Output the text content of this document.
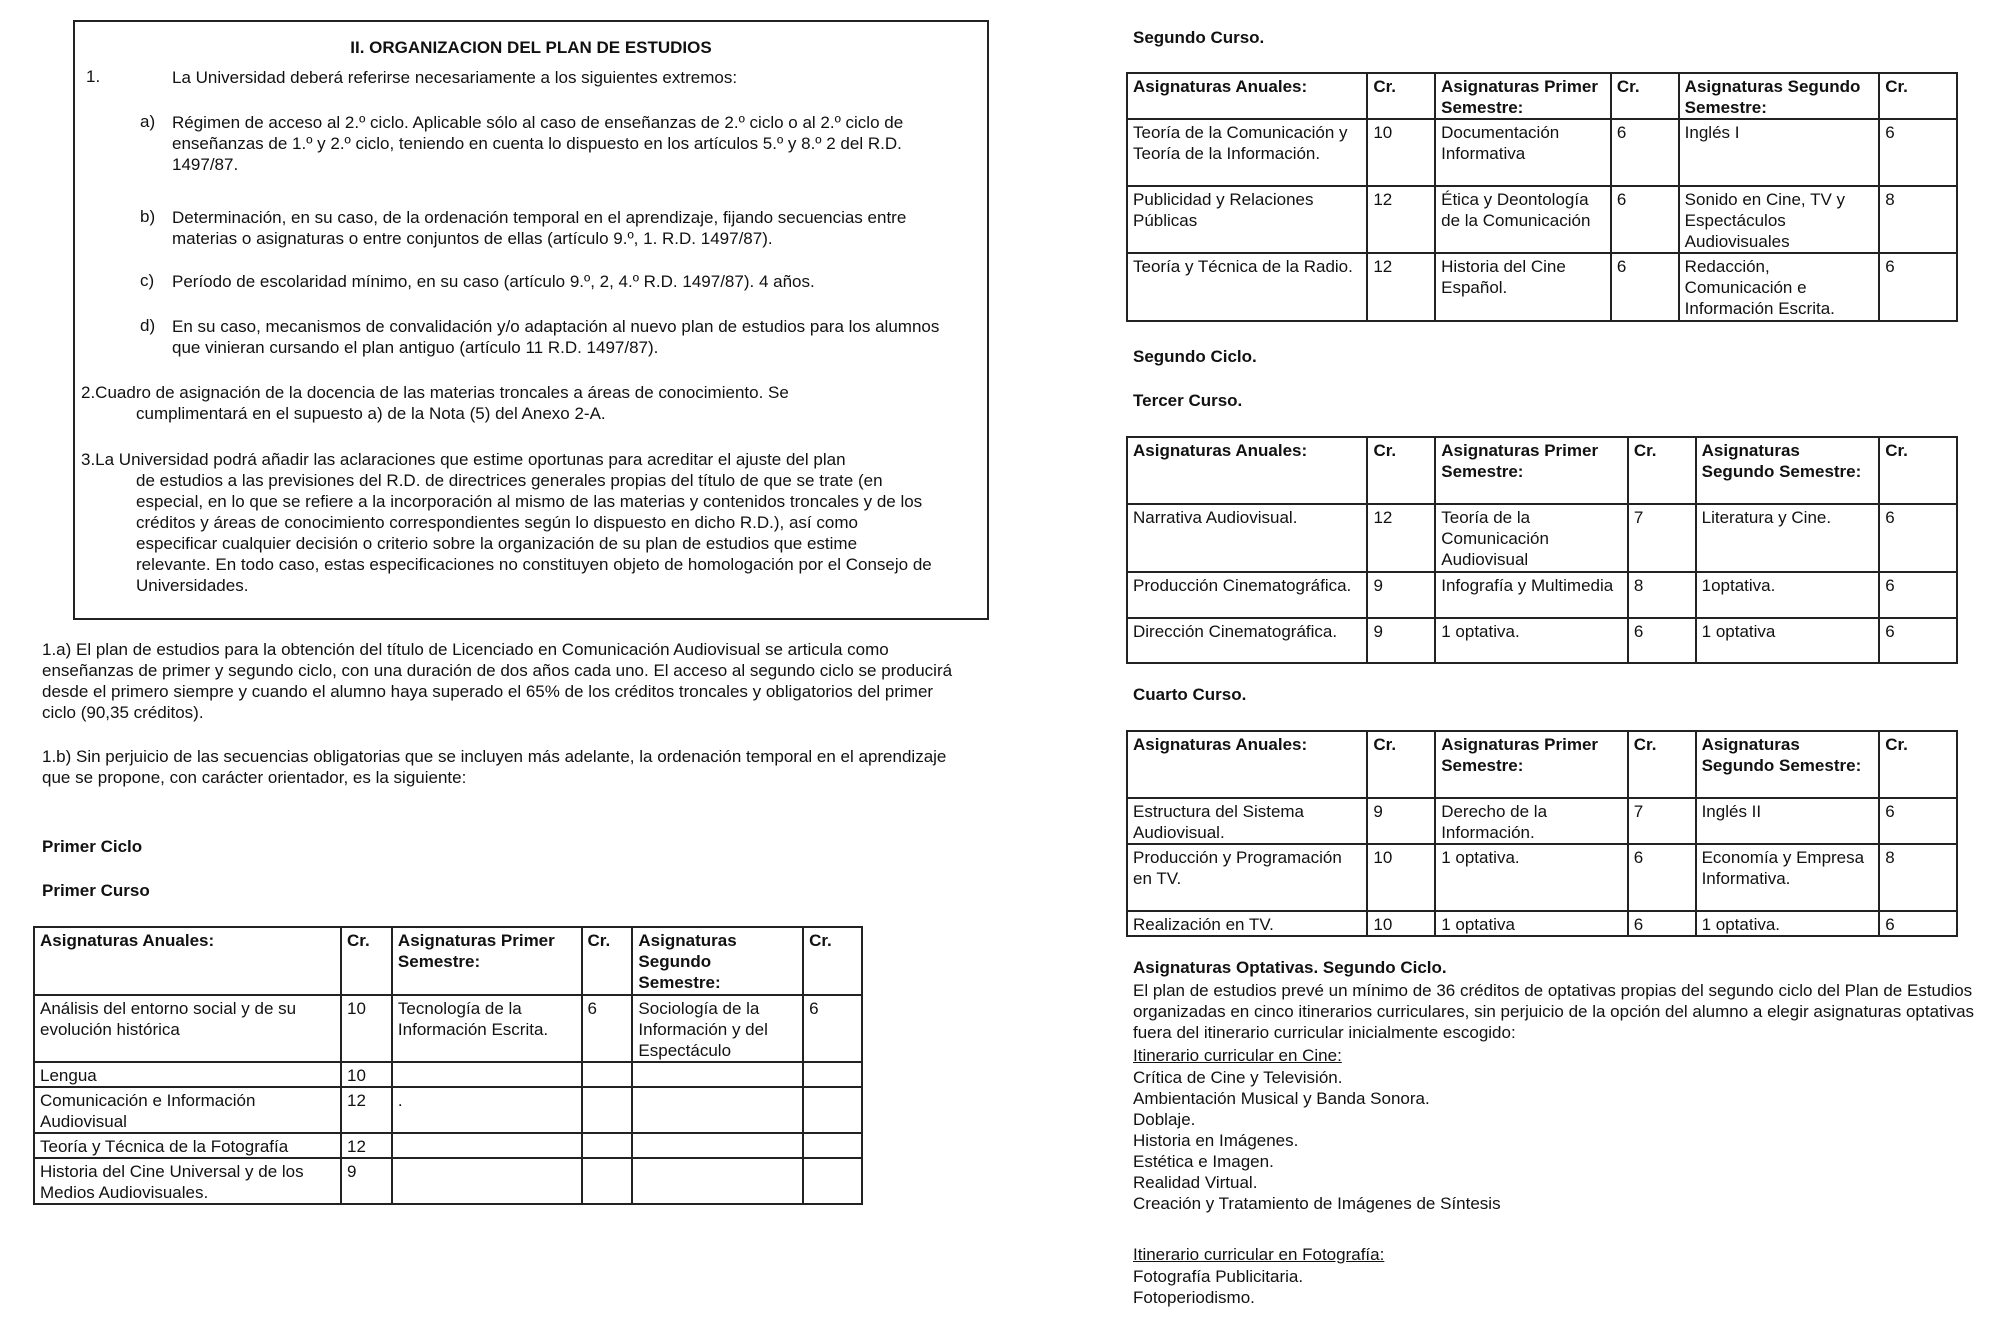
II. ORGANIZACION DEL PLAN DE ESTUDIOS
1.	La Universidad deberá referirse necesariamente a los siguientes extremos:
a) Régimen de acceso al 2.º ciclo. Aplicable sólo al caso de enseñanzas de 2.º ciclo o al 2.º ciclo de enseñanzas de 1.º y 2.º ciclo, teniendo en cuenta lo dispuesto en los artículos 5.º y 8.º 2 del R.D. 1497/87.
b) Determinación, en su caso, de la ordenación temporal en el aprendizaje, fijando secuencias entre materias o asignaturas o entre conjuntos de ellas (artículo 9.º, 1. R.D. 1497/87).
c) Período de escolaridad mínimo, en su caso (artículo 9.º, 2, 4.º R.D. 1497/87). 4 años.
d) En su caso, mecanismos de convalidación y/o adaptación al nuevo plan de estudios para los alumnos que vinieran cursando el plan antiguo (artículo 11 R.D. 1497/87).
2.Cuadro de asignación de la docencia de las materias troncales a áreas de conocimiento. Se
cumplimentará en el supuesto a) de la Nota (5) del Anexo 2-A.
3.La Universidad podrá añadir las aclaraciones que estime oportunas para acreditar el ajuste del plan
de estudios a las previsiones del R.D. de directrices generales propias del título de que se trate (en especial, en lo que se refiere a la incorporación al mismo de las materias y contenidos troncales y de los créditos y áreas de conocimiento correspondientes según lo dispuesto en dicho R.D.), así como especificar cualquier decisión o criterio sobre la organización de su plan de estudios que estime relevante. En todo caso, estas especificaciones no constituyen objeto de homologación por el Consejo de Universidades.
1.a) El plan de estudios para la obtención del título de Licenciado en Comunicación Audiovisual se articula como enseñanzas de primer y segundo ciclo, con una duración de dos años cada uno. El acceso al segundo ciclo se producirá desde el primero siempre y cuando el alumno haya superado el 65% de los créditos troncales y obligatorios del primer ciclo (90,35 créditos).
1.b) Sin perjuicio de las secuencias obligatorias que se incluyen más adelante, la ordenación temporal en el aprendizaje que se propone, con carácter orientador, es la siguiente:
Primer Ciclo
Primer Curso
Asignaturas Anuales:	Cr.	Asignaturas Primer Semestre:	Cr.	Asignaturas Segundo Semestre:	Cr.
Análisis del entorno social y de su evolución histórica	10	Tecnología de la Información Escrita.	6	Sociología de la Información y del Espectáculo	6
Lengua	10				
Comunicación e Información Audiovisual	12	.			
Teoría y Técnica de la Fotografía	12				
Historia del Cine Universal y de los Medios Audiovisuales.	9				
Segundo Curso.
Asignaturas Anuales:	Cr.	Asignaturas Primer Semestre:	Cr.	Asignaturas Segundo Semestre:	Cr.
Teoría de la Comunicación y Teoría de la Información.	10	Documentación Informativa	6	Inglés I	6
Publicidad y Relaciones Públicas	12	Ética y Deontología de la Comunicación	6	Sonido en Cine, TV y Espectáculos Audiovisuales	8
Teoría y Técnica de la Radio.	12	Historia del Cine Español.	6	Redacción, Comunicación e Información Escrita.	6
Segundo Ciclo.
Tercer Curso.
Asignaturas Anuales:	Cr.	Asignaturas Primer Semestre:	Cr.	Asignaturas Segundo Semestre:	Cr.
Narrativa Audiovisual.	12	Teoría de la Comunicación Audiovisual	7	Literatura y Cine.	6
Producción Cinematográfica.	9	Infografía y Multimedia	8	1optativa.	6
Dirección Cinematográfica.	9	1 optativa.	6	1 optativa	6
Cuarto Curso.
Asignaturas Anuales:	Cr.	Asignaturas Primer Semestre:	Cr.	Asignaturas Segundo Semestre:	Cr.
Estructura del Sistema Audiovisual.	9	Derecho de la Información.	7	Inglés II	6
Producción y Programación en TV.	10	1 optativa.	6	Economía y Empresa Informativa.	8
Realización en TV.	10	1 optativa	6	1 optativa.	6
Asignaturas Optativas. Segundo Ciclo.
El plan de estudios prevé un mínimo de 36 créditos de optativas propias del segundo ciclo del Plan de Estudios organizadas en cinco itinerarios curriculares, sin perjuicio de la opción del alumno a elegir asignaturas optativas fuera del itinerario curricular inicialmente escogido:
Itinerario curricular en Cine:
Crítica de Cine y Televisión.
Ambientación Musical y Banda Sonora.
Doblaje.
Historia en Imágenes.
Estética e Imagen.
Realidad Virtual.
Creación y Tratamiento de Imágenes de Síntesis
Itinerario curricular en Fotografía:
Fotografía Publicitaria.
Fotoperiodismo.
